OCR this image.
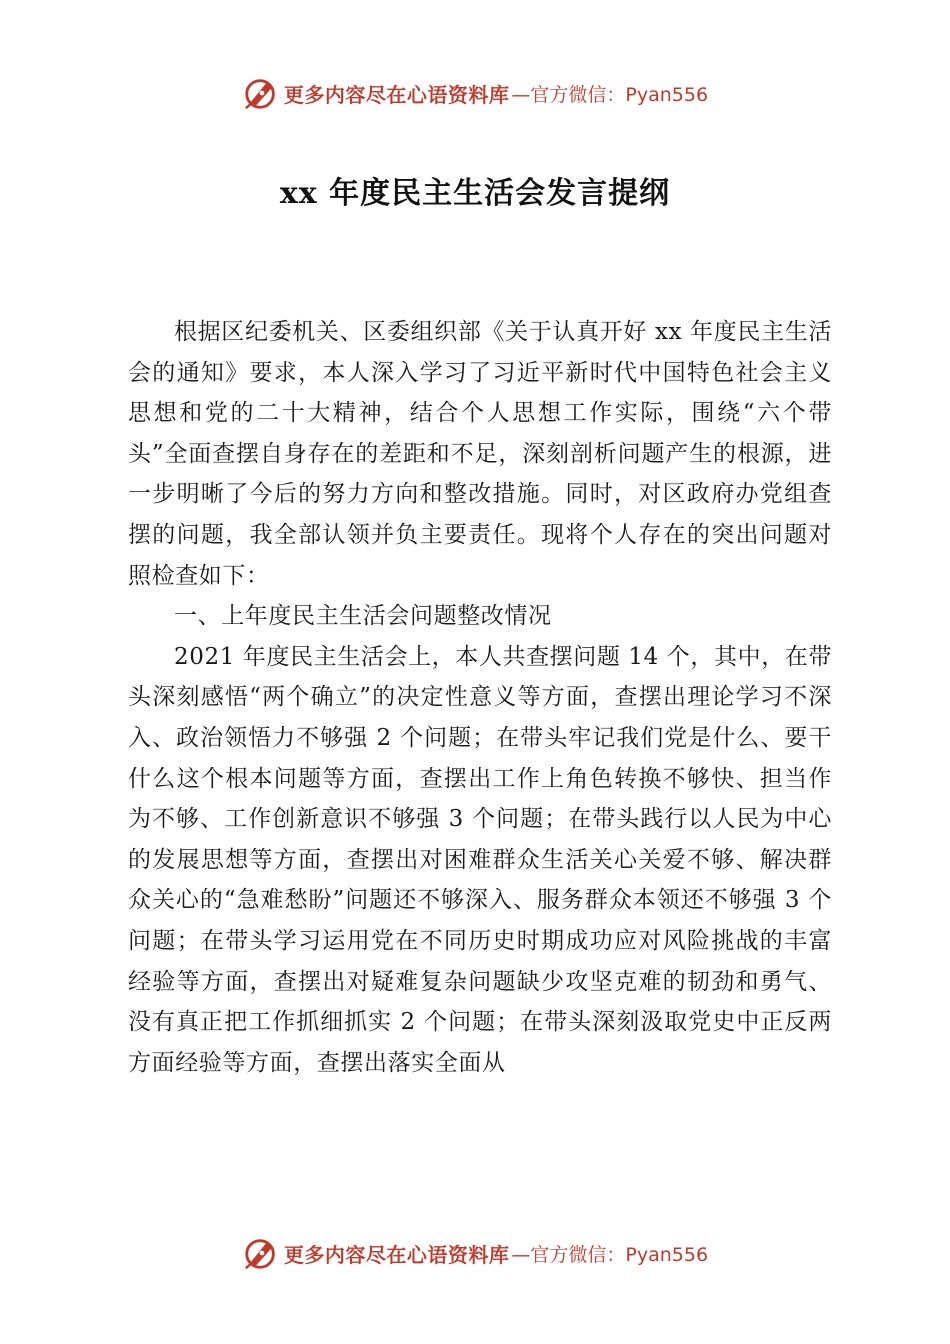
更多内容尽在心语资料库 —官方微信：Pyan556
xx 年度民主生活会发言提纲

根据区纪委机关、区委组织部《关于认真开好 xx 年度民主生活会的通知》要求，本人深入学习了习近平新时代中国特色社会主义思想和党的二十大精神，结合个人思想工作实际，围绕“六个带头”全面查摆自身存在的差距和不足，深刻剖析问题产生的根源，进一步明晰了今后的努力方向和整改措施。同时，对区政府办党组查摆的问题，我全部认领并负主要责任。现将个人存在的突出问题对照检查如下：

一、上年度民主生活会问题整改情况

2021 年度民主生活会上，本人共查摆问题 14 个，其中，在带头深刻感悟“两个确立”的决定性意义等方面，查摆出理论学习不深入、政治领悟力不够强 2 个问题；在带头牢记我们党是什么、要干什么这个根本问题等方面，查摆出工作上角色转换不够快、担当作为不够、工作创新意识不够强 3 个问题；在带头践行以人民为中心的发展思想等方面，查摆出对困难群众生活关心关爱不够、解决群众关心的“急难愁盼”问题还不够深入、服务群众本领还不够强 3 个问题；在带头学习运用党在不同历史时期成功应对风险挑战的丰富经验等方面，查摆出对疑难复杂问题缺少攻坚克难的韧劲和勇气、没有真正把工作抓细抓实 2 个问题；在带头深刻汲取党史中正反两方面经验等方面，查摆出落实全面从

更多内容尽在心语资料库 —官方微信：Pyan556
